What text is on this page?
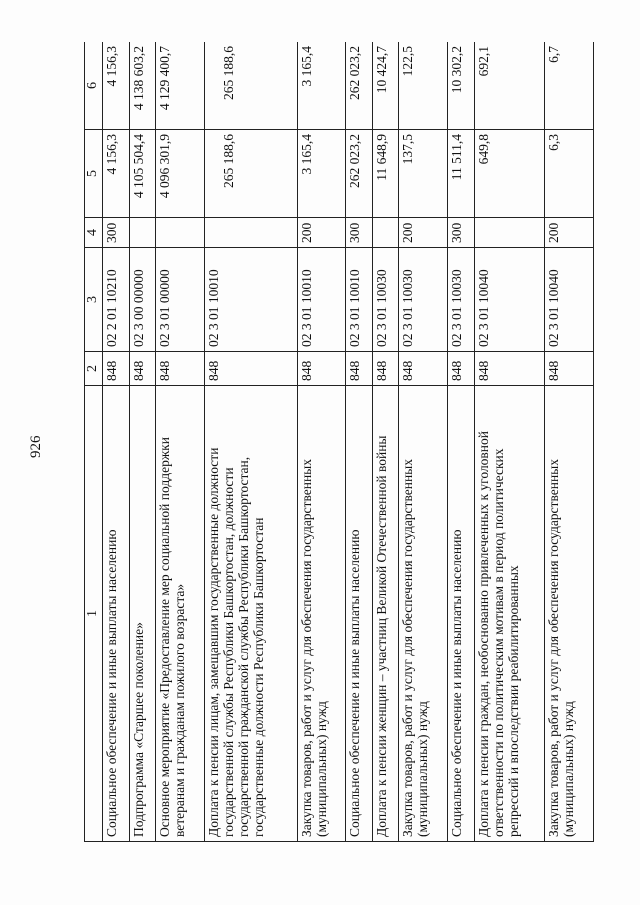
926
1	2	3	4	5	6
Социальное обеспечение и иные выплаты населению	848	02 2 01 10210	300	4 156,3	4 156,3

Подпрограмма «Старшее поколение»	848	02 3 00 00000		4 105 504,4	4 138 603,2

Основное мероприятие «Предоставление мер социальной поддержки ветеранам и гражданам пожилого возраста»	848	02 3 01 00000		4 096 301,9	4 129 400,7

Доплата к пенсии лицам, замещавшим государственные должности государственной службы Республики Башкортостан, должности государственной гражданской службы Республики Башкортостан, государственные должности Республики Башкортостан	848	02 3 01 10010		265 188,6	265 188,6

Закупка товаров, работ и услуг для обеспечения государственных (муниципальных) нужд	848	02 3 01 10010	200	3 165,4	3 165,4

Социальное обеспечение и иные выплаты населению	848	02 3 01 10010	300	262 023,2	262 023,2

Доплата к пенсии женщин – участниц Великой Отечественной войны	848	02 3 01 10030		11 648,9	10 424,7

Закупка товаров, работ и услуг для обеспечения государственных (муниципальных) нужд	848	02 3 01 10030	200	137,5	122,5

Социальное обеспечение и иные выплаты населению	848	02 3 01 10030	300	11 511,4	10 302,2

Доплата к пенсии граждан, необоснованно привлеченных к уголовной ответственности по политическим мотивам в период политических репрессий и впоследствии реабилитированных	848	02 3 01 10040		649,8	692,1

Закупка товаров, работ и услуг для обеспечения государственных (муниципальных) нужд	848	02 3 01 10040	200	6,3	6,7
